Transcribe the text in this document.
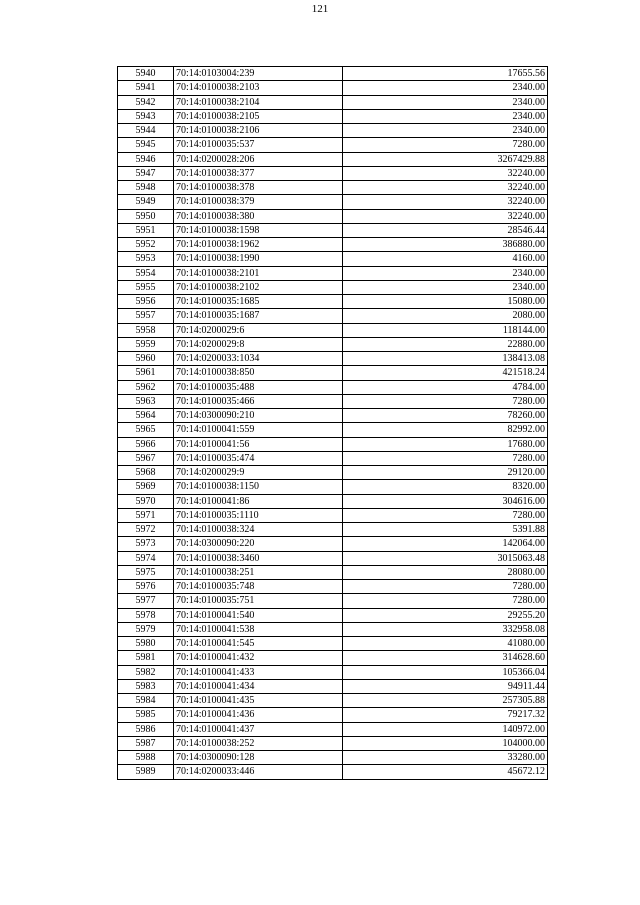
121
5940	70:14:0103004:239	17655.56
5941	70:14:0100038:2103	2340.00
5942	70:14:0100038:2104	2340.00
5943	70:14:0100038:2105	2340.00
5944	70:14:0100038:2106	2340.00
5945	70:14:0100035:537	7280.00
5946	70:14:0200028:206	3267429.88
5947	70:14:0100038:377	32240.00
5948	70:14:0100038:378	32240.00
5949	70:14:0100038:379	32240.00
5950	70:14:0100038:380	32240.00
5951	70:14:0100038:1598	28546.44
5952	70:14:0100038:1962	386880.00
5953	70:14:0100038:1990	4160.00
5954	70:14:0100038:2101	2340.00
5955	70:14:0100038:2102	2340.00
5956	70:14:0100035:1685	15080.00
5957	70:14:0100035:1687	2080.00
5958	70:14:0200029:6	118144.00
5959	70:14:0200029:8	22880.00
5960	70:14:0200033:1034	138413.08
5961	70:14:0100038:850	421518.24
5962	70:14:0100035:488	4784.00
5963	70:14:0100035:466	7280.00
5964	70:14:0300090:210	78260.00
5965	70:14:0100041:559	82992.00
5966	70:14:0100041:56	17680.00
5967	70:14:0100035:474	7280.00
5968	70:14:0200029:9	29120.00
5969	70:14:0100038:1150	8320.00
5970	70:14:0100041:86	304616.00
5971	70:14:0100035:1110	7280.00
5972	70:14:0100038:324	5391.88
5973	70:14:0300090:220	142064.00
5974	70:14:0100038:3460	3015063.48
5975	70:14:0100038:251	28080.00
5976	70:14:0100035:748	7280.00
5977	70:14:0100035:751	7280.00
5978	70:14:0100041:540	29255.20
5979	70:14:0100041:538	332958.08
5980	70:14:0100041:545	41080.00
5981	70:14:0100041:432	314628.60
5982	70:14:0100041:433	105366.04
5983	70:14:0100041:434	94911.44
5984	70:14:0100041:435	257305.88
5985	70:14:0100041:436	79217.32
5986	70:14:0100041:437	140972.00
5987	70:14:0100038:252	104000.00
5988	70:14:0300090:128	33280.00
5989	70:14:0200033:446	45672.12
